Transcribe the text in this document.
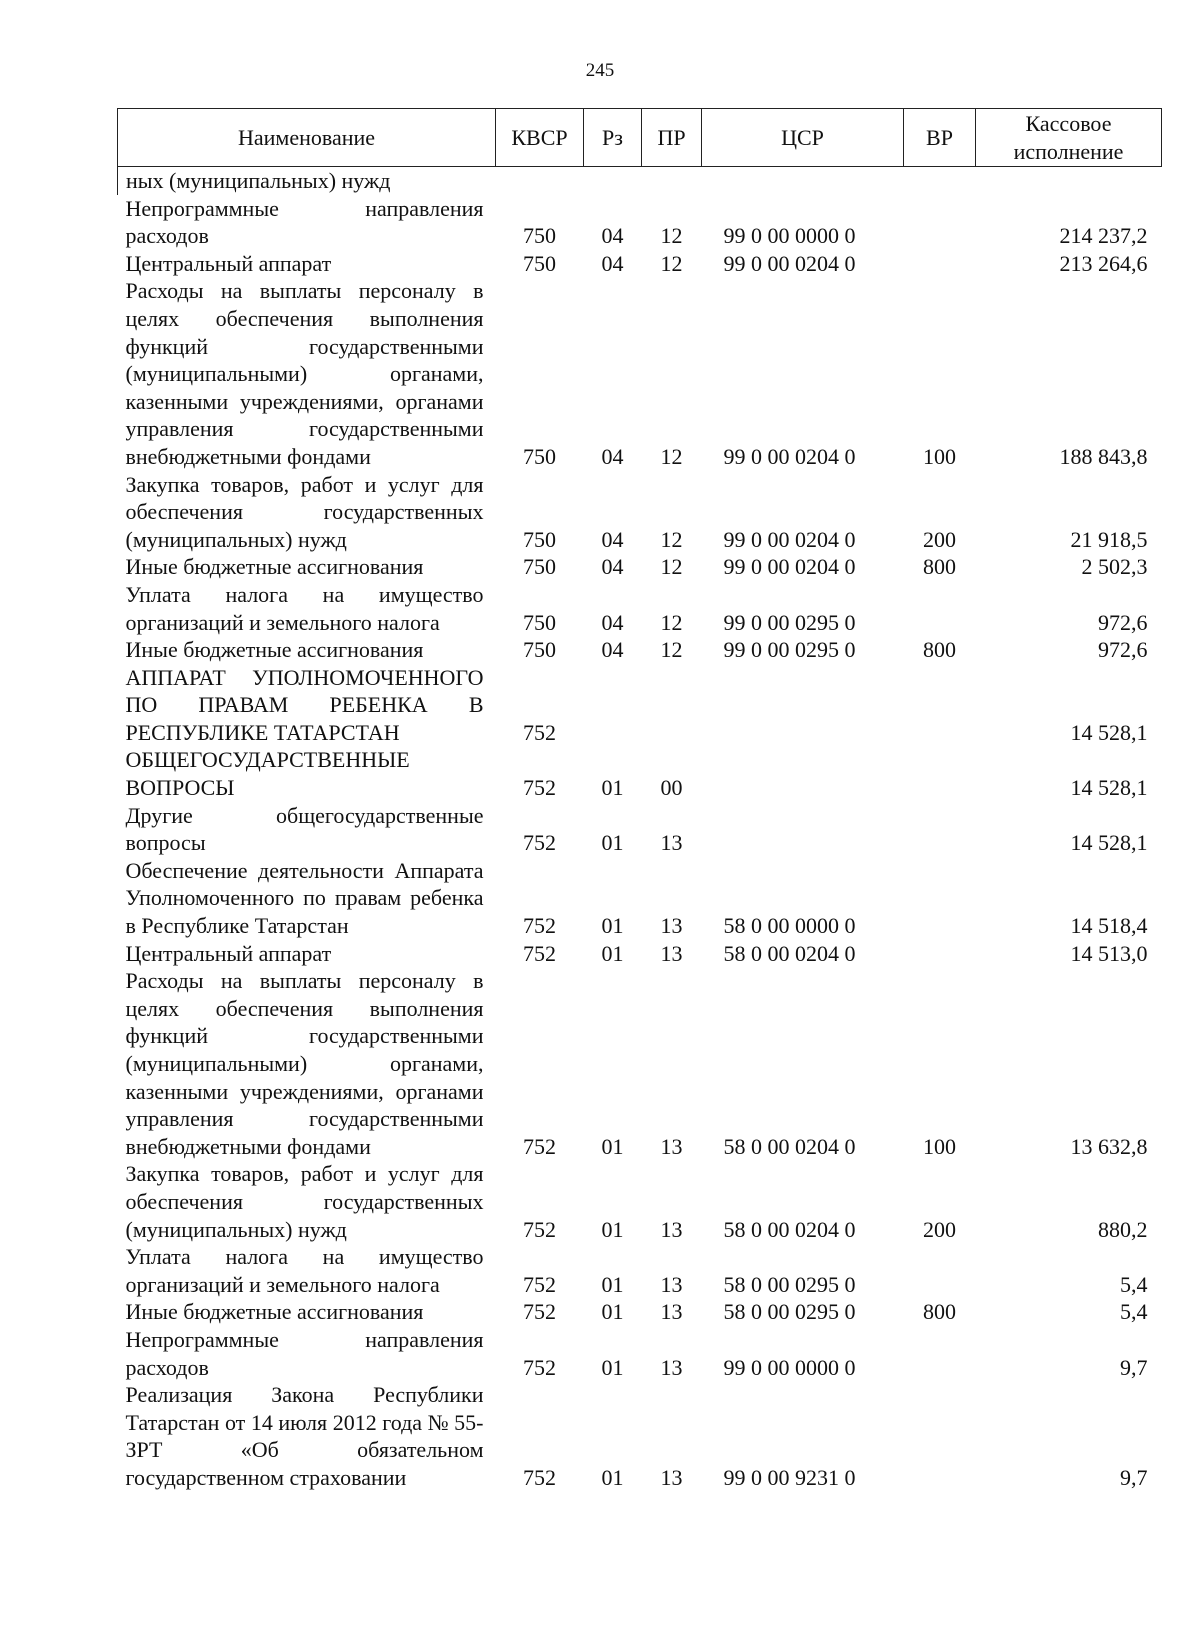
245
Наименование	КВСР	Рз	ПР	ЦСР	ВР	Кассовое исполнение
ных (муниципальных) нужд						
Непрограммные направления расходов	750	04	12	99 0 00 0000 0		214 237,2
Центральный аппарат	750	04	12	99 0 00 0204 0		213 264,6
Расходы на выплаты персоналу в целях обеспечения выполнения функций государственными (муниципальными) органами, казенными учреждениями, органами управления государственными внебюджетными фондами	750	04	12	99 0 00 0204 0	100	188 843,8
Закупка товаров, работ и услуг для обеспечения государственных (муниципальных) нужд	750	04	12	99 0 00 0204 0	200	21 918,5
Иные бюджетные ассигнования	750	04	12	99 0 00 0204 0	800	2 502,3
Уплата налога на имущество организаций и земельного налога	750	04	12	99 0 00 0295 0		972,6
Иные бюджетные ассигнования	750	04	12	99 0 00 0295 0	800	972,6
АППАРАТ УПОЛНОМОЧЕННОГО ПО ПРАВАМ РЕБЕНКА В РЕСПУБЛИКЕ ТАТАРСТАН	752					14 528,1
ОБЩЕГОСУДАРСТВЕННЫЕ ВОПРОСЫ	752	01	00			14 528,1
Другие общегосударственные вопросы	752	01	13			14 528,1
Обеспечение деятельности Аппарата Уполномоченного по правам ребенка в Республике Татарстан	752	01	13	58 0 00 0000 0		14 518,4
Центральный аппарат	752	01	13	58 0 00 0204 0		14 513,0
Расходы на выплаты персоналу в целях обеспечения выполнения функций государственными (муниципальными) органами, казенными учреждениями, органами управления государственными внебюджетными фондами	752	01	13	58 0 00 0204 0	100	13 632,8
Закупка товаров, работ и услуг для обеспечения государственных (муниципальных) нужд	752	01	13	58 0 00 0204 0	200	880,2
Уплата налога на имущество организаций и земельного налога	752	01	13	58 0 00 0295 0		5,4
Иные бюджетные ассигнования	752	01	13	58 0 00 0295 0	800	5,4
Непрограммные направления расходов	752	01	13	99 0 00 0000 0		9,7
Реализация Закона Республики Татарстан от 14 июля 2012 года № 55-ЗРТ «Об обязательном государственном страховании	752	01	13	99 0 00 9231 0		9,7
